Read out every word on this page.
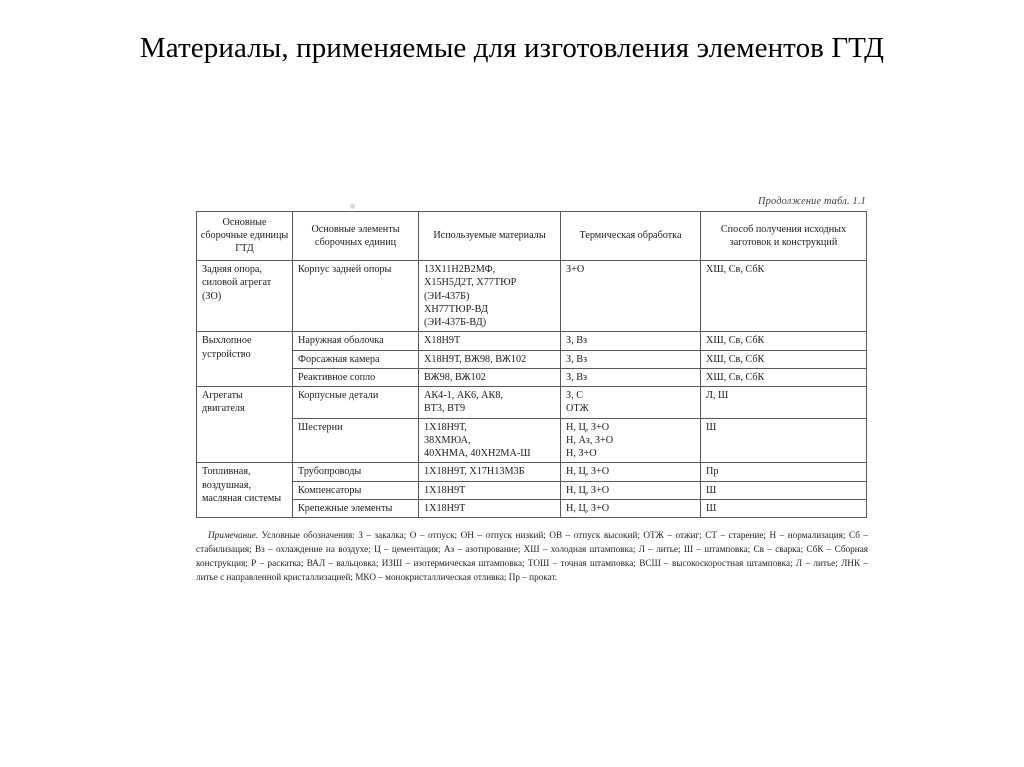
Материалы, применяемые для изготовления элементов ГТД
Продолжение табл. 1.1
Основные сборочные единицы ГТД	Основные элементы сборочных единиц	Используемые материалы	Термическая обработка	Способ получения исходных заготовок и конструкций
Задняя опора, силовой агрегат (ЗО)	Корпус задней опоры	13Х11Н2В2МФ,
Х15Н5Д2Т, Х77ТЮР
(ЭИ-437Б)
ХН77ТЮР-ВД
(ЭИ-437Б-ВД)	З+О	ХШ, Св, СбК

Выхлопное устройство	Наружная оболочка	Х18Н9Т	З, Вз	ХШ, Св, СбК

	Форсажная камера	Х18Н9Т, ВЖ98, ВЖ102	З, Вз	ХШ, Св, СбК

	Реактивное сопло	ВЖ98, ВЖ102	З, Вз	ХШ, Св, СбК

Агрегаты двигателя	Корпусные детали	АК4-1, АК6, АК8,
ВТ3, ВТ9	З, С
ОТЖ	Л, Ш

	Шестерни	1Х18Н9Т,
38ХМЮА,
40ХНМА, 40ХН2МА-Ш	Н, Ц, З+О
Н, Аз, З+О
Н, З+О	Ш

Топливная, воздушная, масляная системы	Трубопроводы	1Х18Н9Т, Х17Н13М3Б	Н, Ц, З+О	Пр

	Компенсаторы	1Х18Н9Т	Н, Ц, З+О	Ш

	Крепежные элементы	1Х18Н9Т	Н, Ц, З+О	Ш
Примечание. Условные обозначения: З – закалка; О – отпуск; ОН – отпуск низкий; ОВ – отпуск высокий; ОТЖ – отжиг; СТ – старение; Н – нормализация; Сб – стабилизация; Вз – охлаждение на воздухе; Ц – цементация; Аз – азотирование; ХШ – холодная штамповка; Л – литье; Ш – штамповка; Св – сварка; СбК – Сборная конструкция; Р – раскатка; ВАЛ – вальцовка; ИЗШ – изотермическая штамповка; ТОШ – точная штамповка; ВСШ – высокоскоростная штамповка; Л – литье; ЛНК – литье с направленной кристаллизацией; МКО – монокристаллическая отливка; Пр – прокат.
